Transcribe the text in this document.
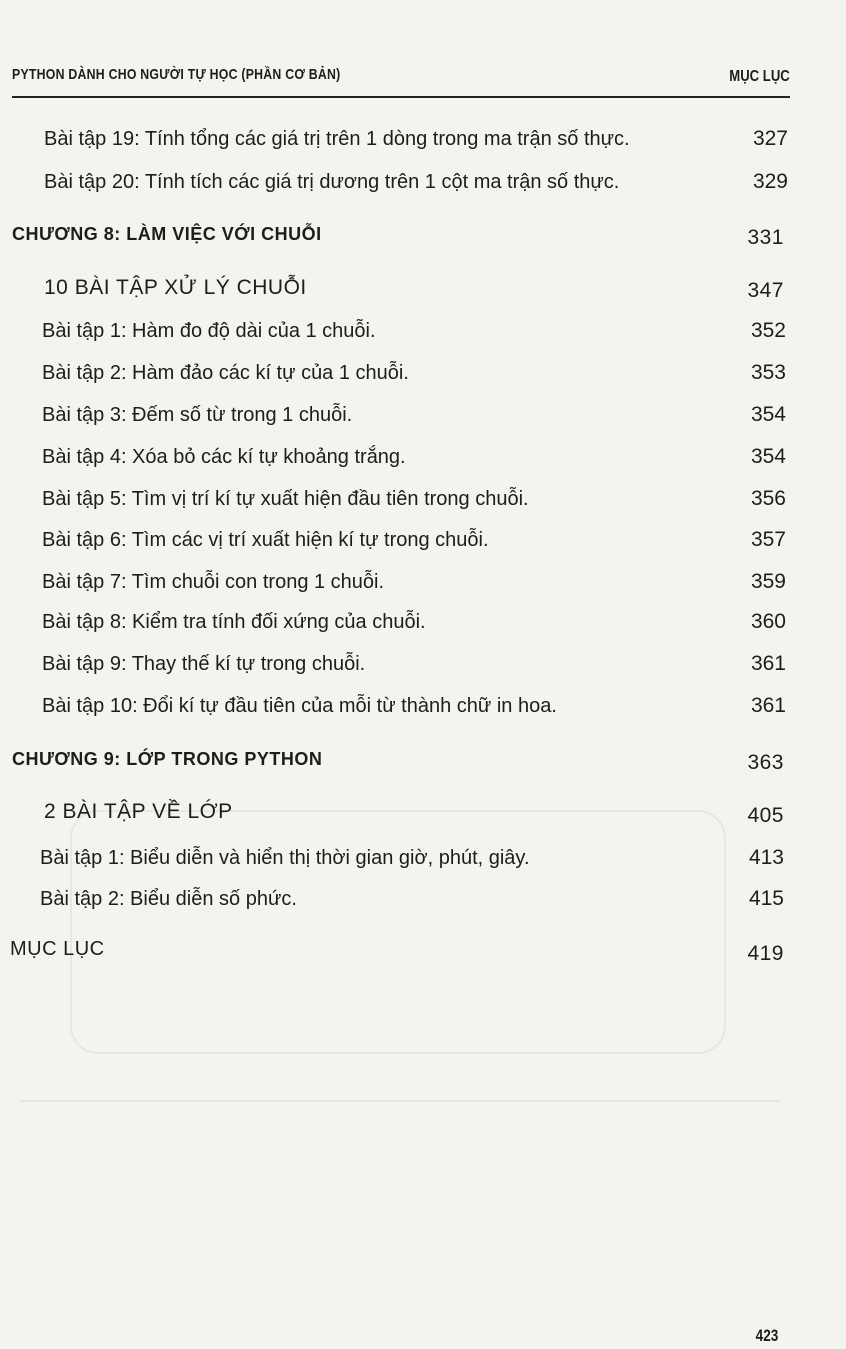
PYTHON DÀNH CHO NGƯỜI TỰ HỌC (PHẦN CƠ BẢN)	MỤC LỤC
Bài tập 19: Tính tổng các giá trị trên 1 dòng trong ma trận số thực.	327
Bài tập 20: Tính tích các giá trị dương trên 1 cột ma trận số thực.	329
CHƯƠNG 8: LÀM VIỆC VỚI CHUỖI	331
10 BÀI TẬP XỬ LÝ CHUỖI	347
Bài tập 1: Hàm đo độ dài của 1 chuỗi.	352
Bài tập 2: Hàm đảo các kí tự của 1 chuỗi.	353
Bài tập 3: Đếm số từ trong 1 chuỗi.	354
Bài tập 4: Xóa bỏ các kí tự khoảng trắng.	354
Bài tập 5: Tìm vị trí kí tự xuất hiện đầu tiên trong chuỗi.	356
Bài tập 6: Tìm các vị trí xuất hiện kí tự trong chuỗi.	357
Bài tập 7: Tìm chuỗi con trong 1 chuỗi.	359
Bài tập 8: Kiểm tra tính đối xứng của chuỗi.	360
Bài tập 9: Thay thế kí tự trong chuỗi.	361
Bài tập 10: Đổi kí tự đầu tiên của mỗi từ thành chữ in hoa.	361
CHƯƠNG 9: LỚP TRONG PYTHON	363
2 BÀI TẬP VỀ LỚP	405
Bài tập 1: Biểu diễn và hiển thị thời gian giờ, phút, giây.	413
Bài tập 2: Biểu diễn số phức.	415
MỤC LỤC	419
423
